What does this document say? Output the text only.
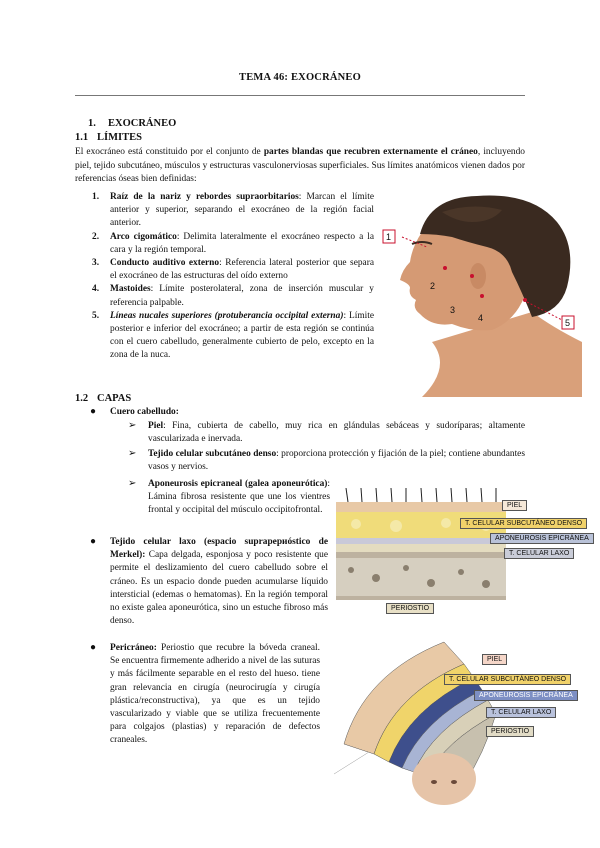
TEMA 46: EXOCRÁNEO
1. EXOCRÁNEO
1.1 LÍMITES
El exocráneo está constituido por el conjunto de partes blandas que recubren externamente el cráneo, incluyendo piel, tejido subcutáneo, músculos y estructuras vasculonerviosas superficiales. Sus límites anatómicos vienen dados por referencias óseas bien definidas:
1. Raíz de la nariz y rebordes supraorbitarios: Marcan el límite anterior y superior, separando el exocráneo de la región facial anterior.
2. Arco cigomático: Delimita lateralmente el exocráneo respecto a la cara y la región temporal.
3. Conducto auditivo externo: Referencia lateral posterior que separa el exocráneo de las estructuras del oído externo
4. Mastoides: Límite posterolateral, zona de inserción muscular y referencia palpable.
5. Líneas nucales superiores (protuberancia occipital externa): Límite posterior e inferior del exocráneo; a partir de esta región se continúa con el cuero cabelludo, generalmente cubierto de pelo, excepto en la zona de la nuca.
1
2
3
4	5
1.2 CAPAS
● Cuero cabelludo:
➢ Piel: Fina, cubierta de cabello, muy rica en glándulas sebáceas y sudoríparas; altamente vascularizada e inervada.
➢ Tejido celular subcutáneo denso: proporciona protección y fijación de la piel; contiene abundantes vasos y nervios.
➢ Aponeurosis epicraneal (galea aponeurótica): Lámina fibrosa resistente que une los vientres frontal y occipital del músculo occipitofrontal.
● Tejido celular laxo (espacio suprapериóstico de Merkel): Capa delgada, esponjosa y poco resistente que permite el deslizamiento del cuero cabelludo sobre el cráneo. Es un espacio donde pueden acumularse líquido intersticial (edemas o hematomas). En la región temporal no existe galea aponeurótica, sino un estuche fibroso más denso.
● Pericráneo: Periostio que recubre la bóveda craneal. Se encuentra firmemente adherido a nivel de las suturas y más fácilmente separable en el resto del hueso. tiene gran relevancia en cirugía (neurocirugía y cirugía plástica/reconstructiva), ya que es un tejido vascularizado y viable que se utiliza frecuentemente para colgajos (plastias) y reparación de defectos craneales.
PIEL
T. CELULAR SUBCUTÁNEO DENSO
APONEUROSIS EPICRÁNEA
T. CELULAR LAXO
PERIOSTIO
PIEL
T. CELULAR SUBCUTÁNEO DENSO
APONEUROSIS EPICRÁNEA
T. CELULAR LAXO
PERIOSTIO
